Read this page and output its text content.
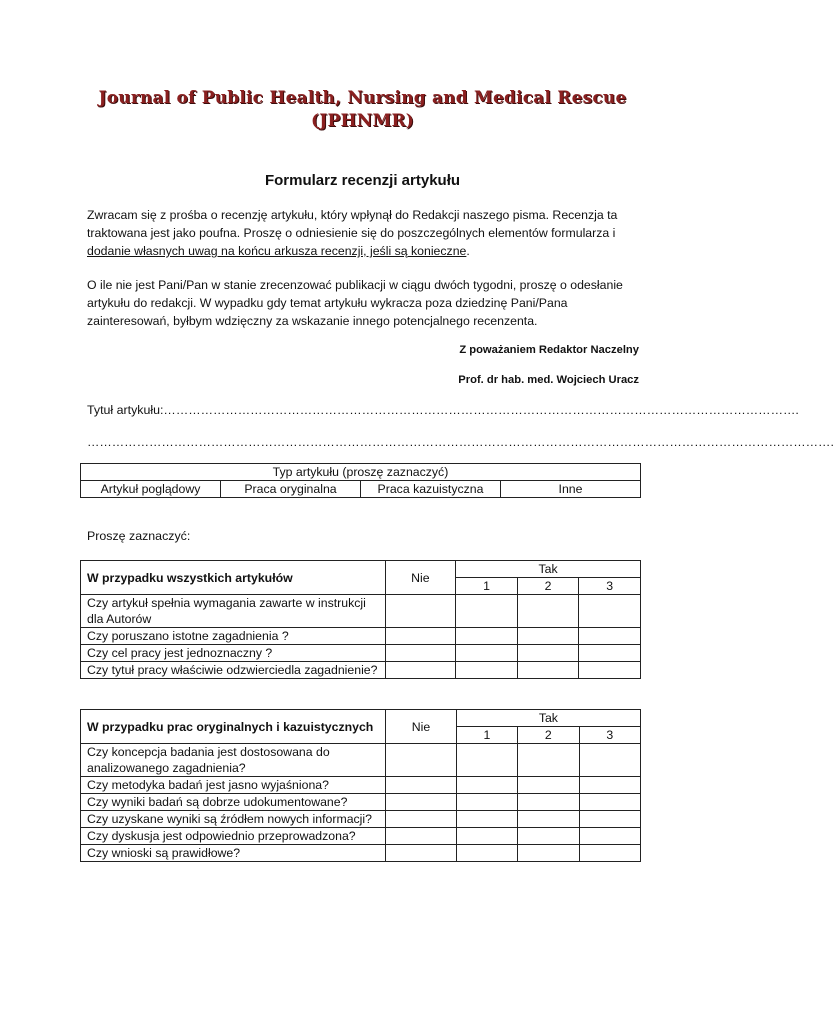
Journal of Public Health, Nursing and Medical Rescue
(JPHNMR)
Formularz recenzji artykułu
Zwracam się z prośba o recenzję artykułu, który wpłynął do Redakcji naszego pisma. Recenzja ta traktowana jest jako poufna. Proszę o odniesienie się do poszczególnych elementów formularza i dodanie własnych uwag na końcu arkusza recenzji, jeśli są konieczne.
O ile nie jest Pani/Pan w stanie zrecenzować publikacji w ciągu dwóch tygodni, proszę o odesłanie artykułu do redakcji. W wypadku gdy temat artykułu wykracza poza dziedzinę Pani/Pana zainteresowań, byłbym wdzięczny za wskazanie innego potencjalnego recenzenta.
Z poważaniem Redaktor Naczelny
Prof. dr hab. med. Wojciech Uracz
Tytuł artykułu:……………………………………………………………………………………………………………………………………….
……………………………………………………………………………………………………………………………………………………………….
Typ artykułu (proszę zaznaczyć)
Artykuł poglądowy	Praca oryginalna	Praca kazuistyczna	Inne
Proszę zaznaczyć:
W przypadku wszystkich artykułów	Nie	Tak		
		1	2	3
Czy artykuł spełnia wymagania zawarte w instrukcji dla Autorów				
Czy poruszano istotne zagadnienia ?				
Czy cel pracy jest jednoznaczny ?				
Czy tytuł pracy właściwie odzwierciedla zagadnienie?				
W przypadku prac oryginalnych i kazuistycznych	Nie	Tak		
		1	2	3
Czy koncepcja badania jest dostosowana do analizowanego zagadnienia?				
Czy metodyka badań jest jasno wyjaśniona?				
Czy wyniki badań są dobrze udokumentowane?				
Czy uzyskane wyniki są źródłem nowych informacji?				
Czy dyskusja jest odpowiednio przeprowadzona?				
Czy wnioski są prawidłowe?				
